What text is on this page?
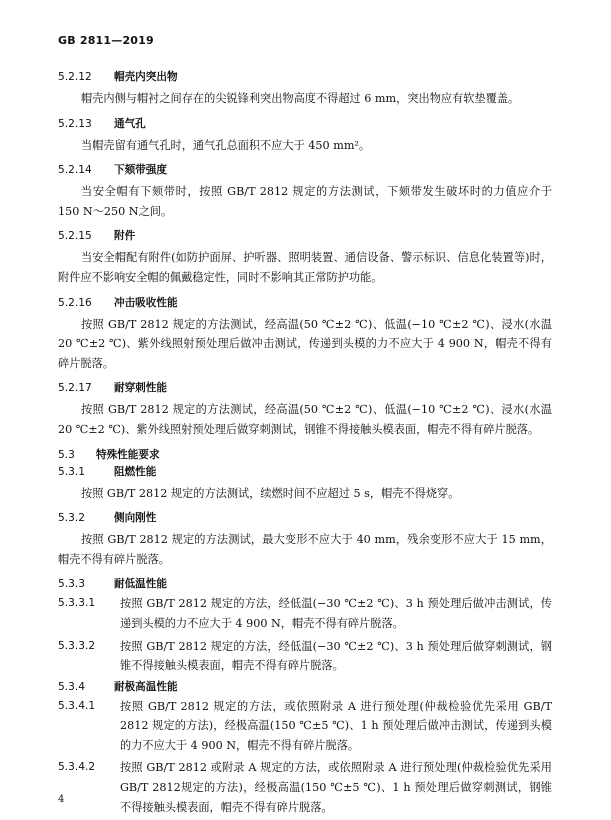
GB 2811—2019
5.2.12 帽壳内突出物
帽壳内侧与帽衬之间存在的尖锐锋利突出物高度不得超过 6 mm，突出物应有软垫覆盖。
5.2.13 通气孔
当帽壳留有通气孔时，通气孔总面积不应大于 450 mm²。
5.2.14 下颏带强度
当安全帽有下颏带时，按照 GB/T 2812 规定的方法测试，下颏带发生破坏时的力值应介于 150 N～250 N之间。
5.2.15 附件
当安全帽配有附件(如防护面屏、护听器、照明装置、通信设备、警示标识、信息化装置等)时，附件应不影响安全帽的佩戴稳定性，同时不影响其正常防护功能。
5.2.16 冲击吸收性能
按照 GB/T 2812 规定的方法测试，经高温(50 ℃±2 ℃)、低温(−10 ℃±2 ℃)、浸水(水温20 ℃±2 ℃)、紫外线照射预处理后做冲击测试，传递到头模的力不应大于 4 900 N，帽壳不得有碎片脱落。
5.2.17 耐穿刺性能
按照 GB/T 2812 规定的方法测试，经高温(50 ℃±2 ℃)、低温(−10 ℃±2 ℃)、浸水(水温20 ℃±2 ℃)、紫外线照射预处理后做穿刺测试，钢锥不得接触头模表面，帽壳不得有碎片脱落。
5.3 特殊性能要求
5.3.1	阻燃性能
按照 GB/T 2812 规定的方法测试，续燃时间不应超过 5 s，帽壳不得烧穿。
5.3.2	侧向刚性
按照 GB/T 2812 规定的方法测试，最大变形不应大于 40 mm，残余变形不应大于 15 mm，帽壳不得有碎片脱落。
5.3.3	耐低温性能
5.3.3.1	按照 GB/T 2812 规定的方法，经低温(−30 ℃±2 ℃)、3 h 预处理后做冲击测试，传递到头模的力不应大于 4 900 N，帽壳不得有碎片脱落。
5.3.3.2	按照 GB/T 2812 规定的方法，经低温(−30 ℃±2 ℃)、3 h 预处理后做穿刺测试，钢锥不得接触头模表面，帽壳不得有碎片脱落。
5.3.4	耐极高温性能
5.3.4.1	按照 GB/T 2812 规定的方法，或依照附录 A 进行预处理(仲裁检验优先采用 GB/T 2812 规定的方法)，经极高温(150 ℃±5 ℃)、1 h 预处理后做冲击测试，传递到头模的力不应大于 4 900 N，帽壳不得有碎片脱落。
5.3.4.2	按照 GB/T 2812 或附录 A 规定的方法，或依照附录 A 进行预处理(仲裁检验优先采用 GB/T 2812规定的方法)，经极高温(150 ℃±5 ℃)、1 h 预处理后做穿刺测试，钢锥不得接触头模表面，帽壳不得有碎片脱落。
4
